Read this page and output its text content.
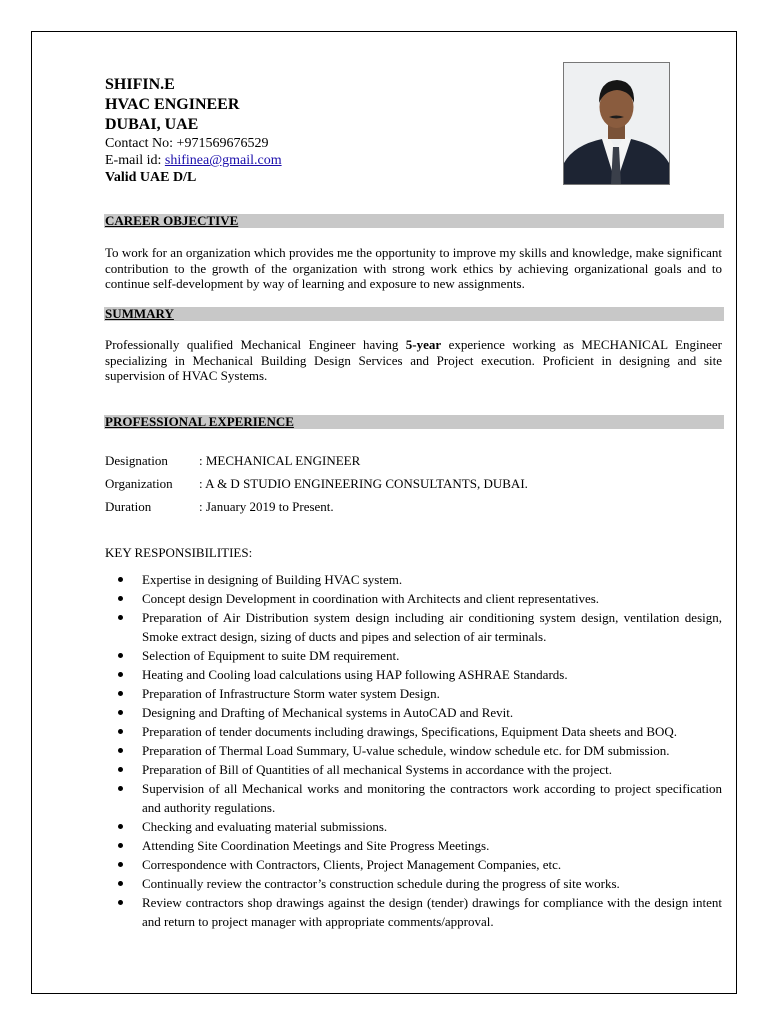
SHIFIN.E
HVAC ENGINEER
DUBAI, UAE
Contact No: +971569676529
E-mail id: shifinea@gmail.com
Valid UAE D/L
CAREER OBJECTIVE
To work for an organization which provides me the opportunity to improve my skills and knowledge, make significant contribution to the growth of the organization with strong work ethics by achieving organizational goals and to continue self-development by way of learning and exposure to new assignments.
SUMMARY
Professionally qualified Mechanical Engineer having 5-year experience working as MECHANICAL Engineer specializing in Mechanical Building Design Services and Project execution. Proficient in designing and site supervision of HVAC Systems.
PROFESSIONAL EXPERIENCE
Designation : MECHANICAL ENGINEER
Organization : A & D STUDIO ENGINEERING CONSULTANTS, DUBAI.
Duration	: January 2019 to Present.
KEY RESPONSIBILITIES:
Expertise in designing of Building HVAC system.
Concept design Development in coordination with Architects and client representatives.
Preparation of Air Distribution system design including air conditioning system design, ventilation design, Smoke extract design, sizing of ducts and pipes and selection of air terminals.
Selection of Equipment to suite DM requirement.
Heating and Cooling load calculations using HAP following ASHRAE Standards.
Preparation of Infrastructure Storm water system Design.
Designing and Drafting of Mechanical systems in AutoCAD and Revit.
Preparation of tender documents including drawings, Specifications, Equipment Data sheets and BOQ.
Preparation of Thermal Load Summary, U-value schedule, window schedule etc. for DM submission.
Preparation of Bill of Quantities of all mechanical Systems in accordance with the project.
Supervision of all Mechanical works and monitoring the contractors work according to project specification and authority regulations.
Checking and evaluating material submissions.
Attending Site Coordination Meetings and Site Progress Meetings.
Correspondence with Contractors, Clients, Project Management Companies, etc.
Continually review the contractor’s construction schedule during the progress of site works.
Review contractors shop drawings against the design (tender) drawings for compliance with the design intent and return to project manager with appropriate comments/approval.
